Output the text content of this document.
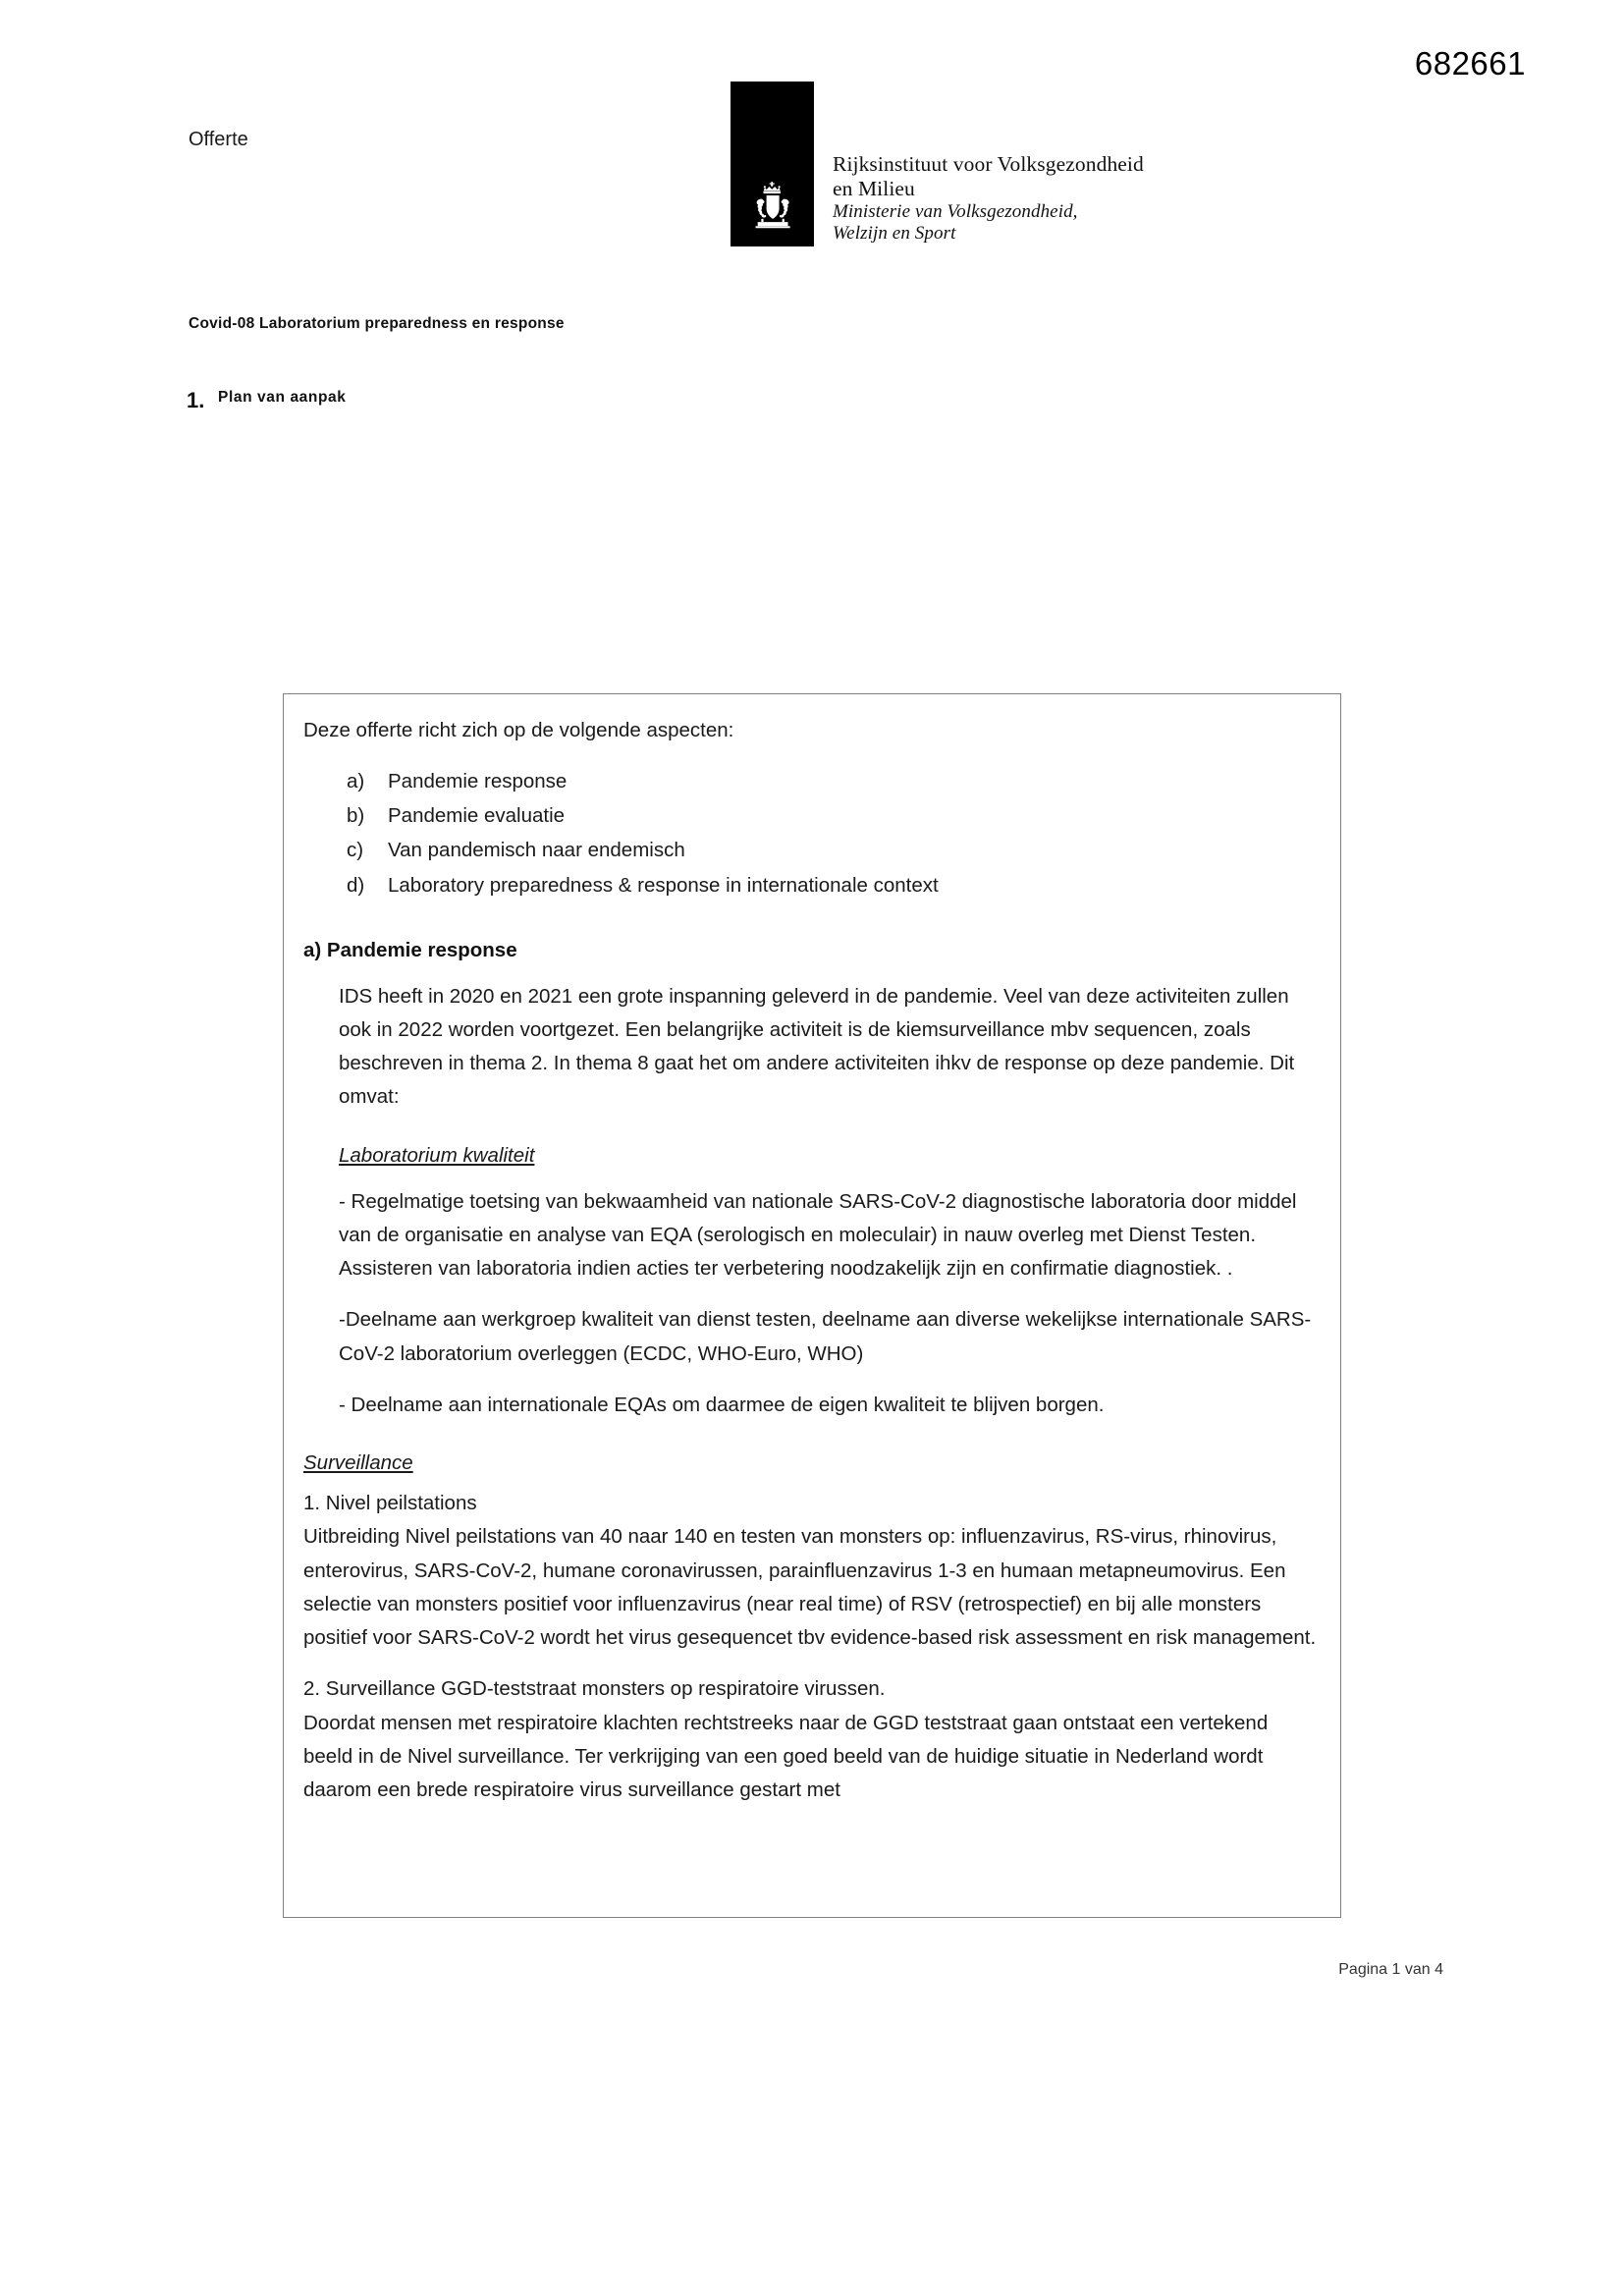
682661
Offerte
Rijksinstituut voor Volksgezondheid
en Milieu
Ministerie van Volksgezondheid,
Welzijn en Sport
Covid-08 Laboratorium preparedness en response
1. Plan van aanpak

Deze offerte richt zich op de volgende aspecten:

a)	Pandemie response
b)	Pandemie evaluatie
c)	Van pandemisch naar endemisch
d)	Laboratory preparedness & response in internationale context
a) Pandemie response

IDS heeft in 2020 en 2021 een grote inspanning geleverd in de pandemie. Veel van deze activiteiten zullen ook in 2022 worden voortgezet. Een belangrijke activiteit is de kiemsurveillance mbv sequencen, zoals beschreven in thema 2. In thema 8 gaat het om andere activiteiten ihkv de response op deze pandemie. Dit omvat:

Laboratorium kwaliteit

- Regelmatige toetsing van bekwaamheid van nationale SARS-CoV-2 diagnostische laboratoria door middel van de organisatie en analyse van EQA (serologisch en moleculair) in nauw overleg met Dienst Testen. Assisteren van laboratoria indien acties ter verbetering noodzakelijk zijn en confirmatie diagnostiek. .

-Deelname aan werkgroep kwaliteit van dienst testen, deelname aan diverse wekelijkse internationale SARS-CoV-2 laboratorium overleggen (ECDC, WHO-Euro, WHO)

- Deelname aan internationale EQAs om daarmee de eigen kwaliteit te blijven borgen.

Surveillance

1. Nivel peilstations

Uitbreiding Nivel peilstations van 40 naar 140 en testen van monsters op: influenzavirus, RS-virus, rhinovirus, enterovirus, SARS-CoV-2, humane coronavirussen, parainfluenzavirus 1-3 en humaan metapneumovirus. Een selectie van monsters positief voor influenzavirus (near real time) of RSV (retrospectief) en bij alle monsters positief voor SARS-CoV-2 wordt het virus gesequencet tbv evidence-based risk assessment en risk management.

2. Surveillance GGD-teststraat monsters op respiratoire virussen.

Doordat mensen met respiratoire klachten rechtstreeks naar de GGD teststraat gaan ontstaat een vertekend beeld in de Nivel surveillance. Ter verkrijging van een goed beeld van de huidige situatie in Nederland wordt daarom een brede respiratoire virus surveillance gestart met

Pagina 1 van 4
